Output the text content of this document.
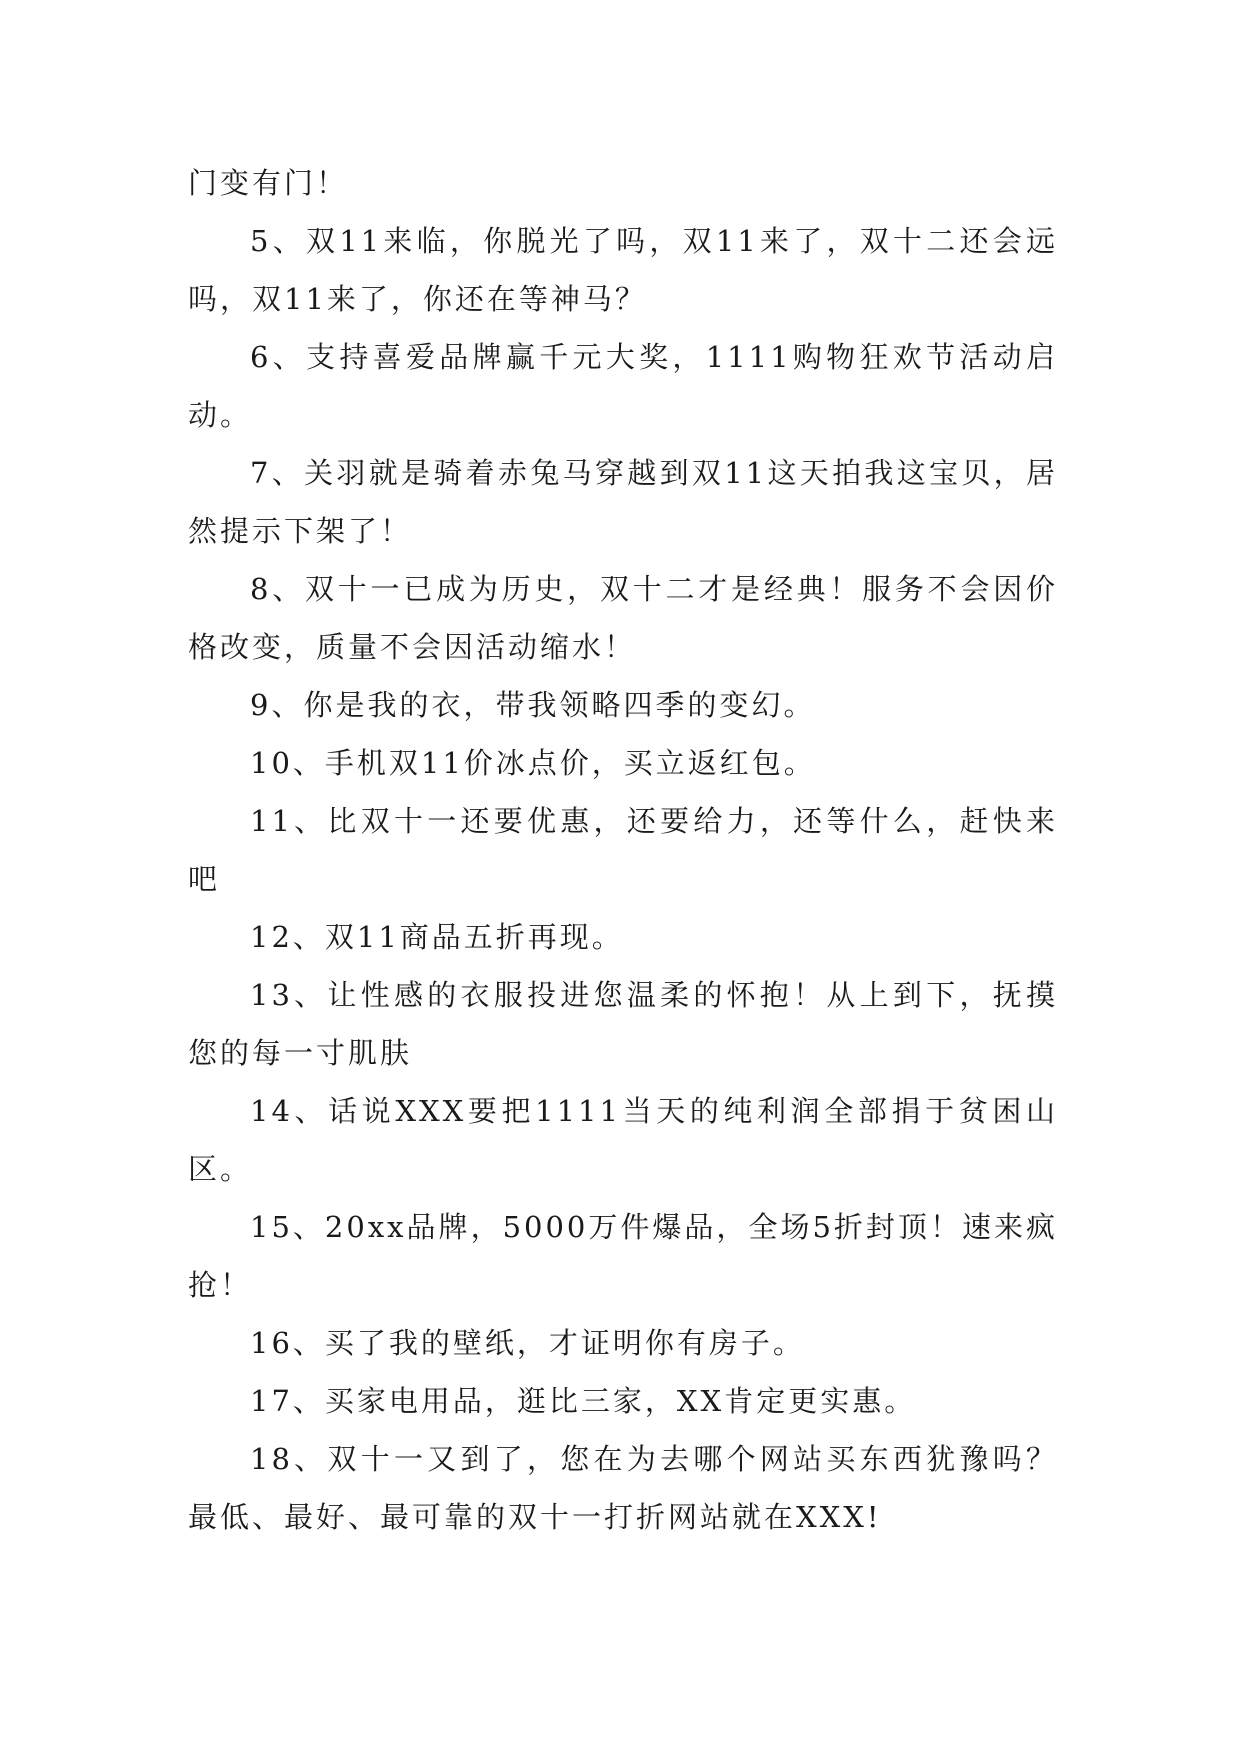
门变有门！

5、双11来临，你脱光了吗，双11来了，双十二还会远吗，双11来了，你还在等神马？

6、支持喜爱品牌赢千元大奖，1111购物狂欢节活动启动。

7、关羽就是骑着赤兔马穿越到双11这天拍我这宝贝，居然提示下架了！

8、双十一已成为历史，双十二才是经典！服务不会因价格改变，质量不会因活动缩水！

9、你是我的衣，带我领略四季的变幻。

10、手机双11价冰点价，买立返红包。

11、比双十一还要优惠，还要给力，还等什么，赶快来吧

12、双11商品五折再现。

13、让性感的衣服投进您温柔的怀抱！从上到下，抚摸您的每一寸肌肤

14、话说XXX要把1111当天的纯利润全部捐于贫困山区。

15、20xx品牌，5000万件爆品，全场5折封顶！速来疯抢！

16、买了我的壁纸，才证明你有房子。

17、买家电用品，逛比三家，XX肯定更实惠。

18、双十一又到了，您在为去哪个网站买东西犹豫吗？最低、最好、最可靠的双十一打折网站就在XXX!
